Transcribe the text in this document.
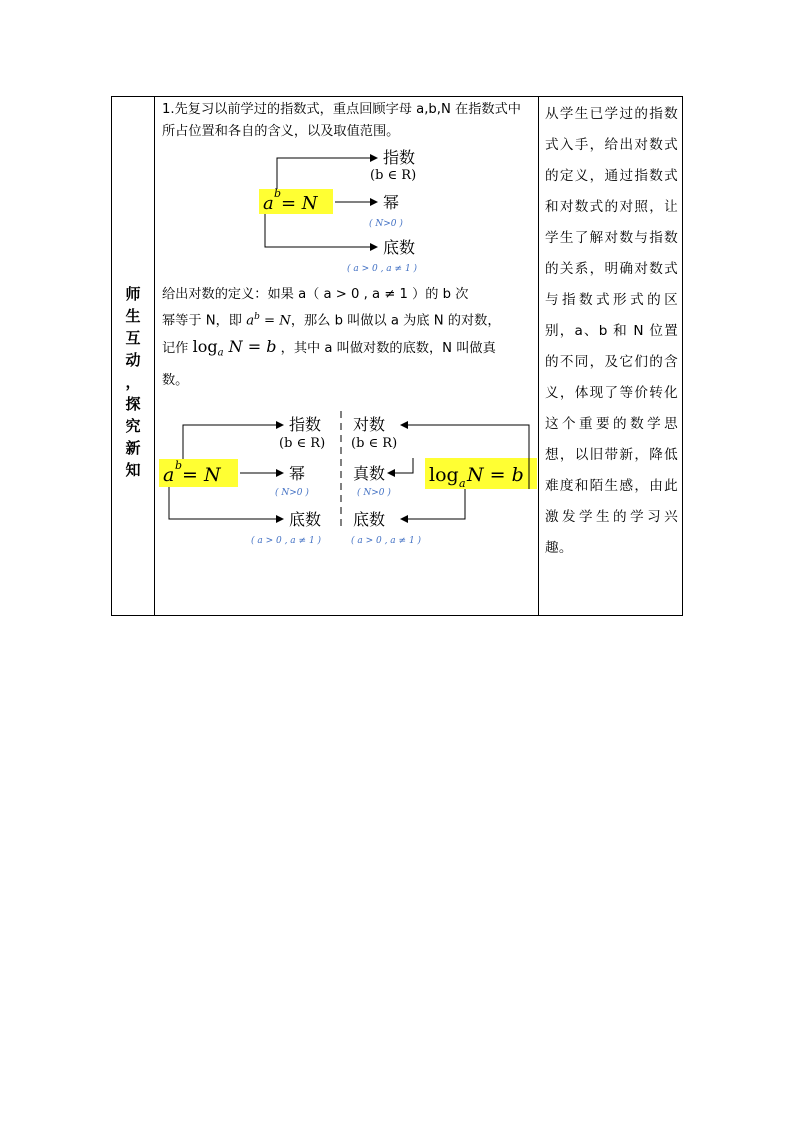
师
生
互
动
，
探
究
新
知
1.先复习以前学过的指数式，重点回顾字母 a,b,N 在指数式中所占位置和各自的含义，以及取值范围。
a b = N
指数
(b ∈ R)
幂
( N>0 )
底数
( a > 0 , a ≠ 1 )
给出对数的定义：如果 a（ a > 0 , a ≠ 1 ）的 b 次
幂等于 N，即 $a^b = N$，那么 b 叫做以 a 为底 N 的对数，
记作 $\log_a N = b$ ，其中 a 叫做对数的底数，N 叫做真
数。
a b = N
指数
(b ∈ R)
幂
( N>0 )
底数
( a > 0 , a ≠ 1 )
对数
(b ∈ R)
真数
( N>0 )
底数
( a > 0 , a ≠ 1 )
log a N = b
从学生已学过的指数式入手，给出对数式的定义，通过指数式和对数式的对照，让学生了解对数与指数的关系，明确对数式与指数式形式的区别，a、b 和 N 位置的不同，及它们的含义，体现了等价转化这个重要的数学思想，以旧带新，降低难度和陌生感，由此激发学生的学习兴趣。
